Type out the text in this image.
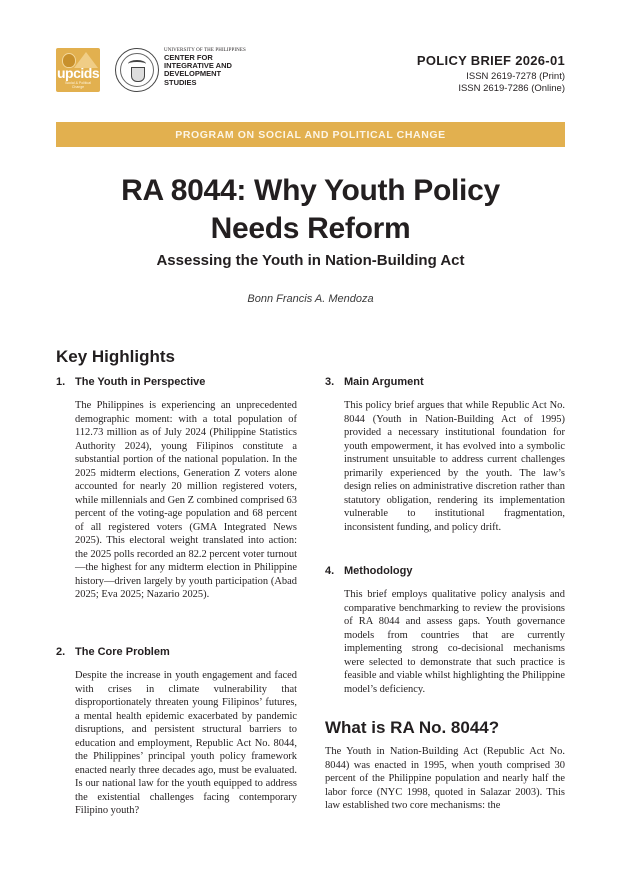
upcids
Social & Political Change
UNIVERSITY OF THE PHILIPPINES
CENTER FOR
INTEGRATIVE AND
DEVELOPMENT
STUDIES
POLICY BRIEF 2026-01
ISSN 2619-7278 (Print)
ISSN 2619-7286 (Online)
PROGRAM ON SOCIAL AND POLITICAL CHANGE
RA 8044: Why Youth Policy
Needs Reform
Assessing the Youth in Nation-Building Act
Bonn Francis A. Mendoza
Key Highlights
1. The Youth in Perspective

The Philippines is experiencing an unprecedented demographic moment: with a total population of 112.73 million as of July 2024 (Philippine Statistics Authority 2024), young Filipinos constitute a substantial portion of the national population. In the 2025 midterm elections, Generation Z voters alone accounted for nearly 20 million registered voters, while millennials and Gen Z combined comprised 63 percent of the voting-age population and 68 percent of all registered voters (GMA Integrated News 2025). This electoral weight translated into action: the 2025 polls recorded an 82.2 percent voter turnout—the highest for any midterm election in Philippine history—driven largely by youth participation (Abad 2025; Eva 2025; Nazario 2025).

2. The Core Problem

Despite the increase in youth engagement and faced with crises in climate vulnerability that disproportionately threaten young Filipinos’ futures, a mental health epidemic exacerbated by pandemic disruptions, and persistent structural barriers to education and employment, Republic Act No. 8044, the Philippines’ principal youth policy framework enacted nearly three decades ago, must be evaluated. Is our national law for the youth equipped to address the existential challenges facing contemporary Filipino youth?

3. Main Argument

This policy brief argues that while Republic Act No. 8044 (Youth in Nation-Building Act of 1995) provided a necessary institutional foundation for youth empowerment, it has evolved into a symbolic instrument unsuitable to address current challenges primarily experienced by the youth. The law’s design relies on administrative discretion rather than statutory obligation, rendering its implementation vulnerable to institutional fragmentation, inconsistent funding, and policy drift.

4. Methodology

This brief employs qualitative policy analysis and comparative benchmarking to review the provisions of RA 8044 and assess gaps. Youth governance models from countries that are currently implementing strong co-decisional mechanisms were selected to demonstrate that such practice is feasible and viable whilst highlighting the Philippine model’s deficiency.

What is RA No. 8044?

The Youth in Nation-Building Act (Republic Act No. 8044) was enacted in 1995, when youth comprised 30 percent of the Philippine population and nearly half the labor force (NYC 1998, quoted in Salazar 2003). This law established two core mechanisms: the
